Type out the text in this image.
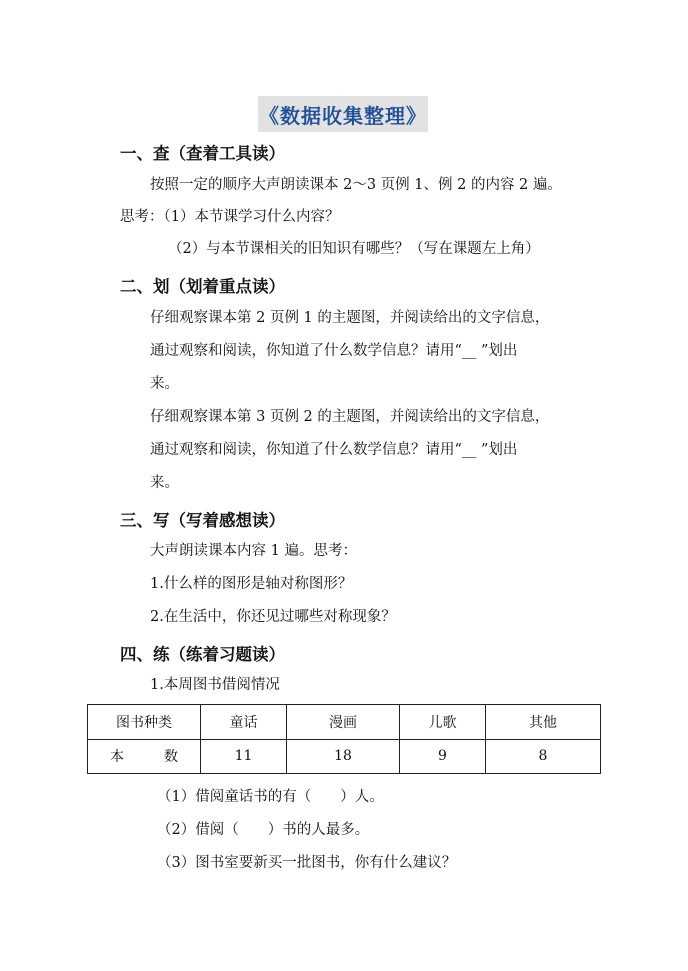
《数据收集整理》
一、查（查着工具读）
按照一定的顺序大声朗读课本 2～3 页例 1、例 2 的内容 2 遍。
思考：（1）本节课学习什么内容？
（2）与本节课相关的旧知识有哪些？（写在课题左上角）
二、划（划着重点读）
仔细观察课本第 2 页例 1 的主题图，并阅读给出的文字信息，
通过观察和阅读，你知道了什么数学信息？请用“__ ”划出
来。
仔细观察课本第 3 页例 2 的主题图，并阅读给出的文字信息，
通过观察和阅读，你知道了什么数学信息？请用“__ ”划出
来。
三、写（写着感想读）
大声朗读课本内容 1 遍。思考：
1.什么样的图形是轴对称图形？
2.在生活中，你还见过哪些对称现象？
四、练（练着习题读）
1.本周图书借阅情况
图书种类	童话	漫画	儿歌	其他
本 数	11	18	9	8
（1）借阅童话书的有（　　）人。
（2）借阅（　　）书的人最多。
（3）图书室要新买一批图书，你有什么建议？
